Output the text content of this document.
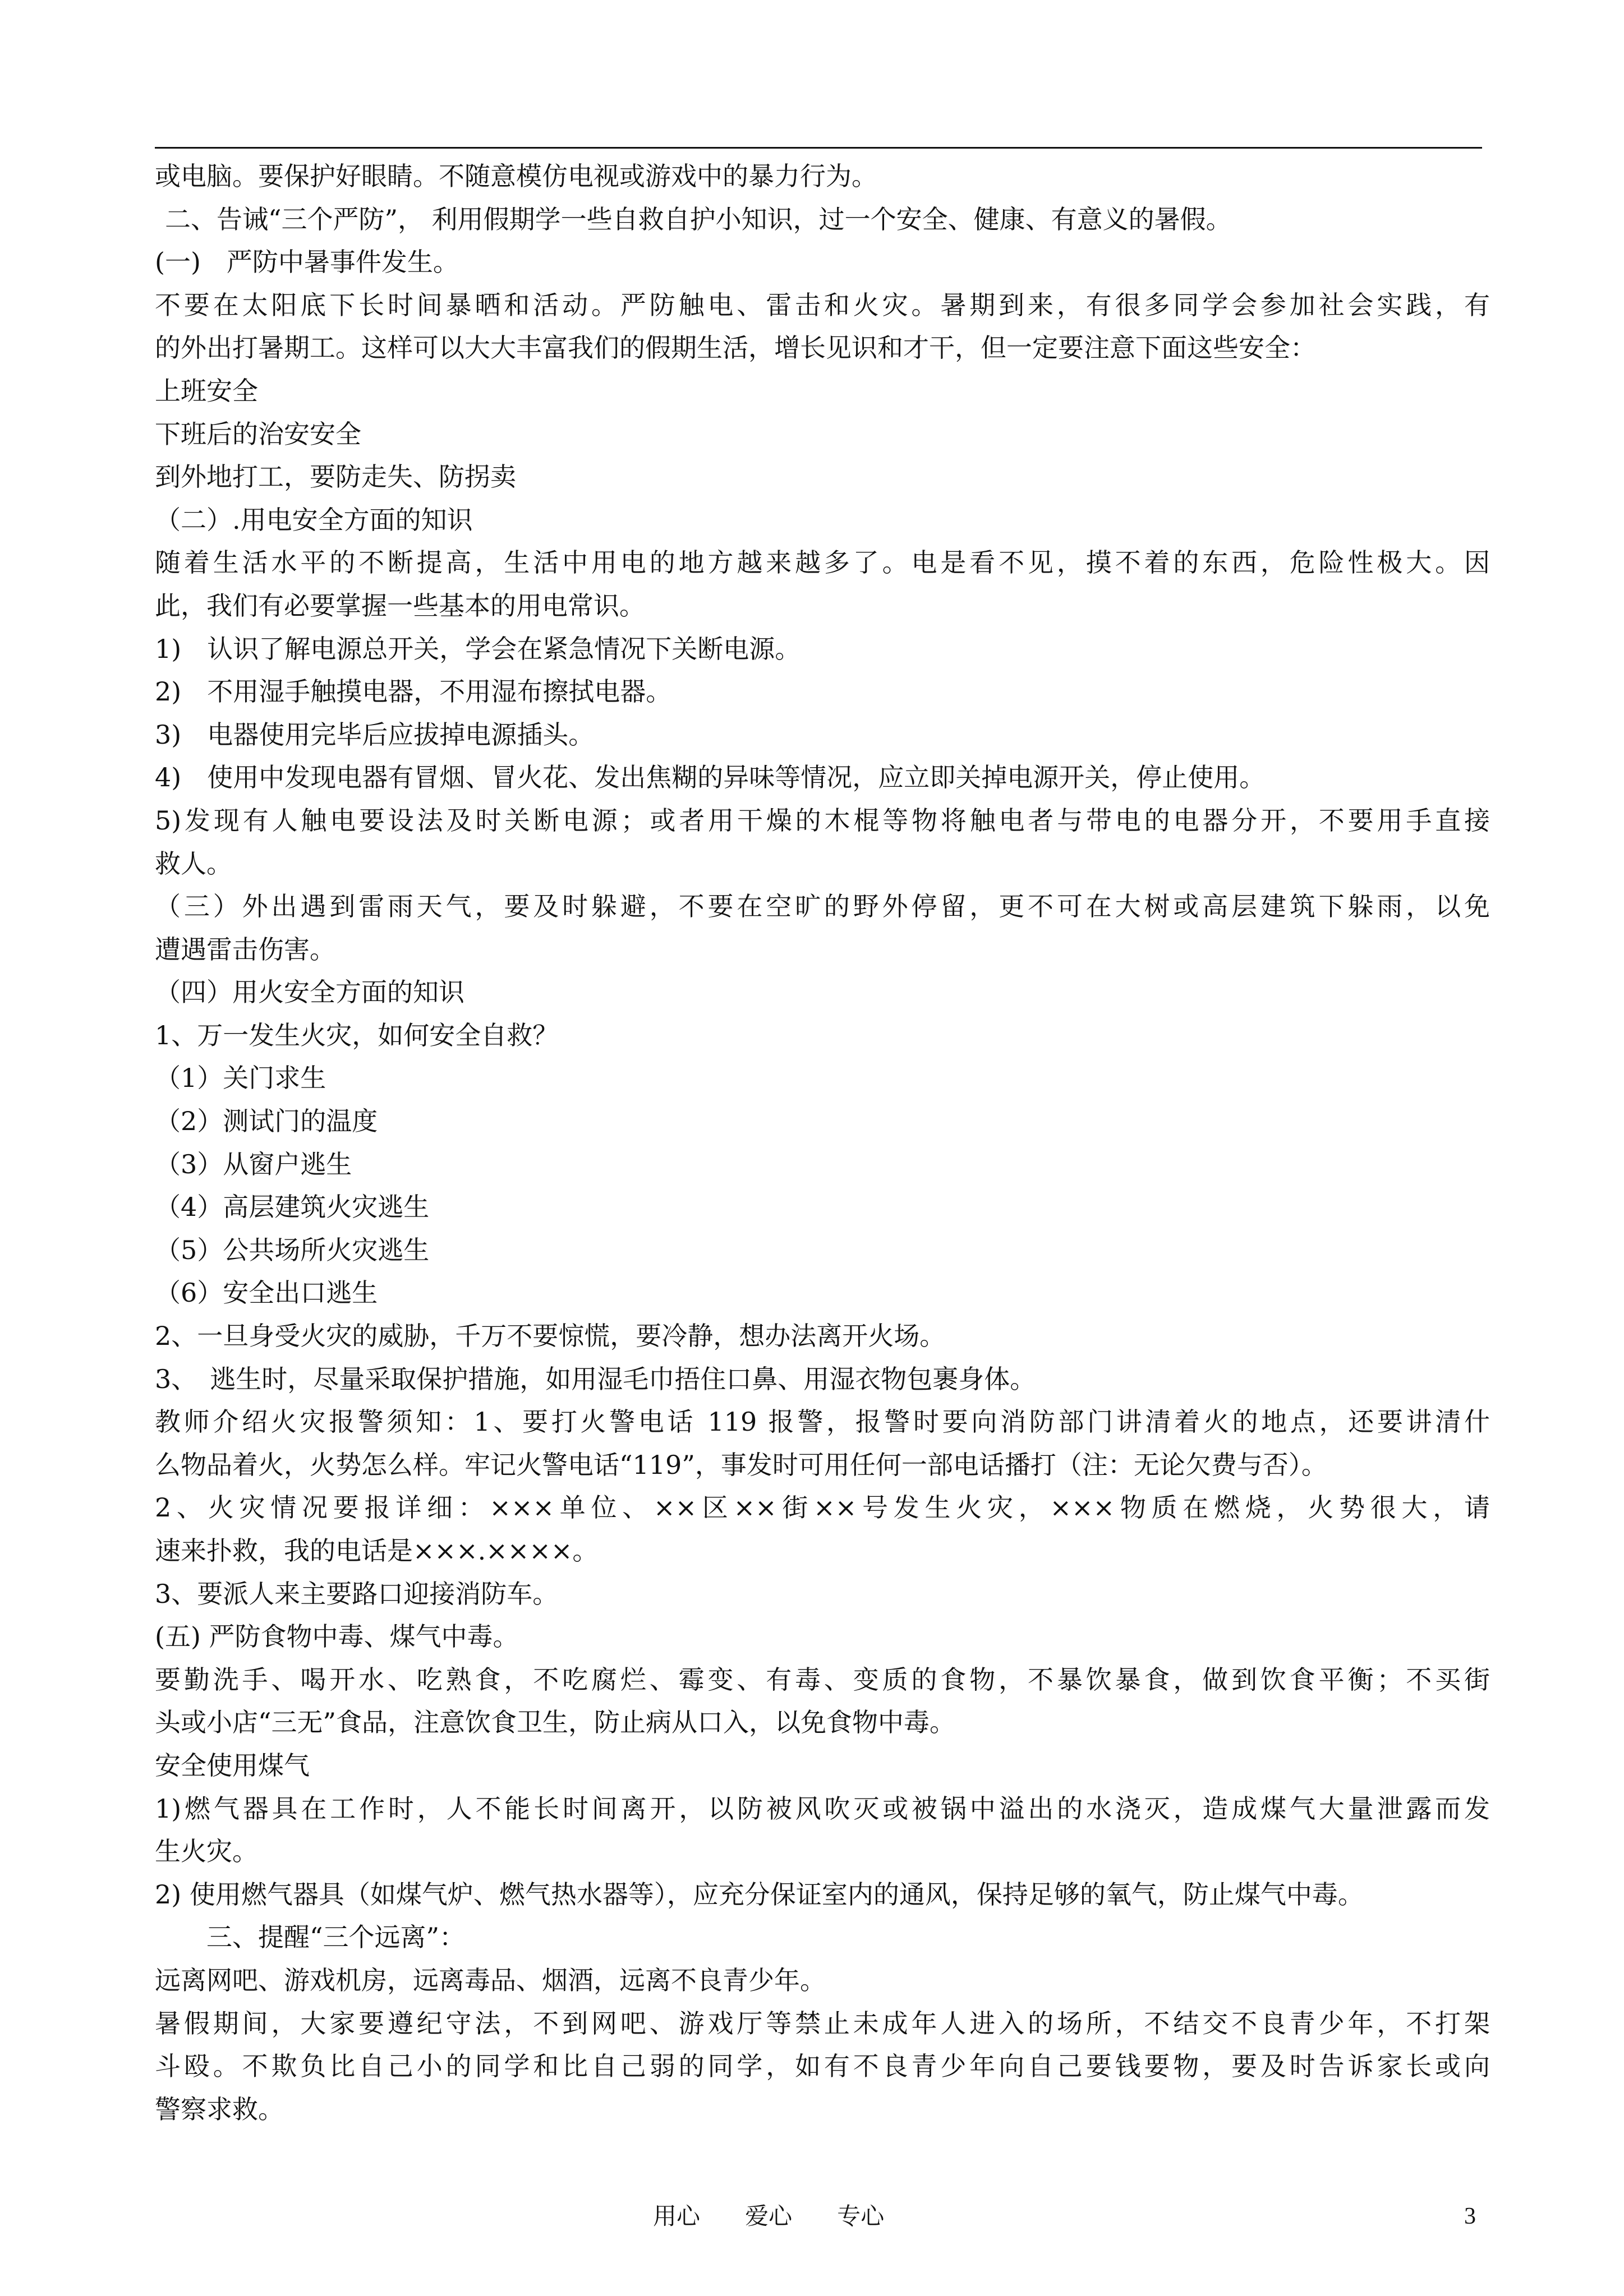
或电脑。要保护好眼睛。不随意模仿电视或游戏中的暴力行为。
二、告诫“三个严防”， 利用假期学一些自救自护小知识，过一个安全、健康、有意义的暑假。
(一)　严防中暑事件发生。
不要在太阳底下长时间暴晒和活动。严防触电、雷击和火灾。暑期到来，有很多同学会参加社会实践，有
的外出打暑期工。这样可以大大丰富我们的假期生活，增长见识和才干，但一定要注意下面这些安全：
上班安全
下班后的治安安全
到外地打工，要防走失、防拐卖
（二）.用电安全方面的知识
随着生活水平的不断提高，生活中用电的地方越来越多了。电是看不见，摸不着的东西，危险性极大。因
此，我们有必要掌握一些基本的用电常识。
1)　认识了解电源总开关，学会在紧急情况下关断电源。
2)　不用湿手触摸电器，不用湿布擦拭电器。
3)　电器使用完毕后应拔掉电源插头。
4)　使用中发现电器有冒烟、冒火花、发出焦糊的异味等情况，应立即关掉电源开关，停止使用。
5)发现有人触电要设法及时关断电源；或者用干燥的木棍等物将触电者与带电的电器分开，不要用手直接
救人。
（三）外出遇到雷雨天气，要及时躲避，不要在空旷的野外停留，更不可在大树或高层建筑下躲雨，以免
遭遇雷击伤害。
（四）用火安全方面的知识
1、万一发生火灾，如何安全自救？
（1）关门求生
（2）测试门的温度
（3）从窗户逃生
（4）高层建筑火灾逃生
（5）公共场所火灾逃生
（6）安全出口逃生
2、一旦身受火灾的威胁，千万不要惊慌，要冷静，想办法离开火场。
3、　逃生时，尽量采取保护措施，如用湿毛巾捂住口鼻、用湿衣物包裹身体。
教师介绍火灾报警须知：1、要打火警电话 119 报警，报警时要向消防部门讲清着火的地点，还要讲清什
么物品着火，火势怎么样。牢记火警电话“119”，事发时可用任何一部电话播打（注：无论欠费与否）。
2、火灾情况要报详细：×××单位、××区××街××号发生火灾，×××物质在燃烧，火势很大，请
速来扑救，我的电话是×××.××××。
3、要派人来主要路口迎接消防车。
(五) 严防食物中毒、煤气中毒。
要勤洗手、喝开水、吃熟食，不吃腐烂、霉变、有毒、变质的食物，不暴饮暴食，做到饮食平衡；不买街
头或小店“三无”食品，注意饮食卫生，防止病从口入，以免食物中毒。
安全使用煤气
1)燃气器具在工作时，人不能长时间离开，以防被风吹灭或被锅中溢出的水浇灭，造成煤气大量泄露而发
生火灾。
2) 使用燃气器具（如煤气炉、燃气热水器等），应充分保证室内的通风，保持足够的氧气，防止煤气中毒。
三、提醒“三个远离”：
远离网吧、游戏机房，远离毒品、烟酒，远离不良青少年。
暑假期间，大家要遵纪守法，不到网吧、游戏厅等禁止未成年人进入的场所，不结交不良青少年，不打架
斗殴。不欺负比自己小的同学和比自己弱的同学，如有不良青少年向自己要钱要物，要及时告诉家长或向
警察求救。
用心      爱心      专心	3
